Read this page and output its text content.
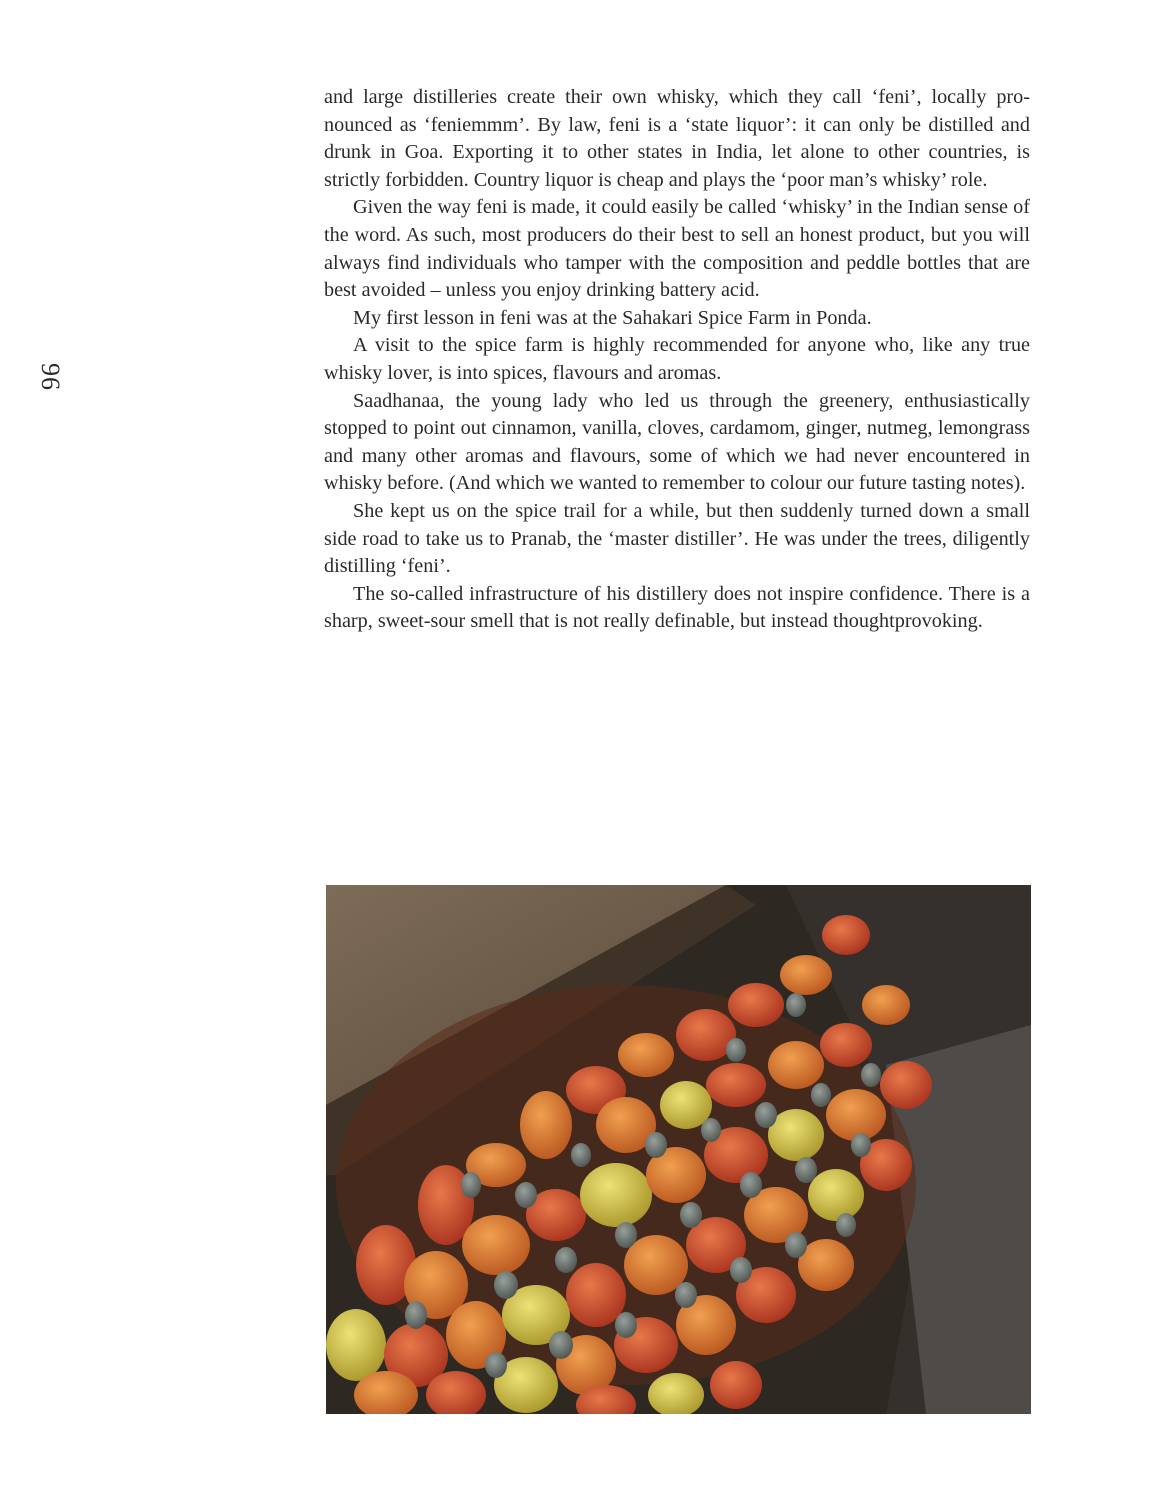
96

and large distilleries create their own whisky, which they call ‘feni’, locally pronounced as ‘feniemmm’. By law, feni is a ‘state liquor’: it can only be distilled and drunk in Goa. Exporting it to other states in India, let alone to other countries, is strictly forbidden. Country liquor is cheap and plays the ‘poor man’s whisky’ role.

Given the way feni is made, it could easily be called ‘whisky’ in the Indian sense of the word. As such, most producers do their best to sell an honest product, but you will always find individuals who tamper with the composition and peddle bottles that are best avoided – unless you enjoy drinking battery acid.

My first lesson in feni was at the Sahakari Spice Farm in Ponda.

A visit to the spice farm is highly recommended for anyone who, like any true whisky lover, is into spices, flavours and aromas.

Saadhanaa, the young lady who led us through the greenery, enthusiastically stopped to point out cinnamon, vanilla, cloves, cardamom, ginger, nutmeg, lemongrass and many other aromas and flavours, some of which we had never encountered in whisky before. (And which we wanted to remember to colour our future tasting notes).

She kept us on the spice trail for a while, but then suddenly turned down a small side road to take us to Pranab, the ‘master distiller’. He was under the trees, diligently distilling ‘feni’.

The so-called infrastructure of his distillery does not inspire confidence. There is a sharp, sweet-sour smell that is not really definable, but instead thoughtprovoking.
